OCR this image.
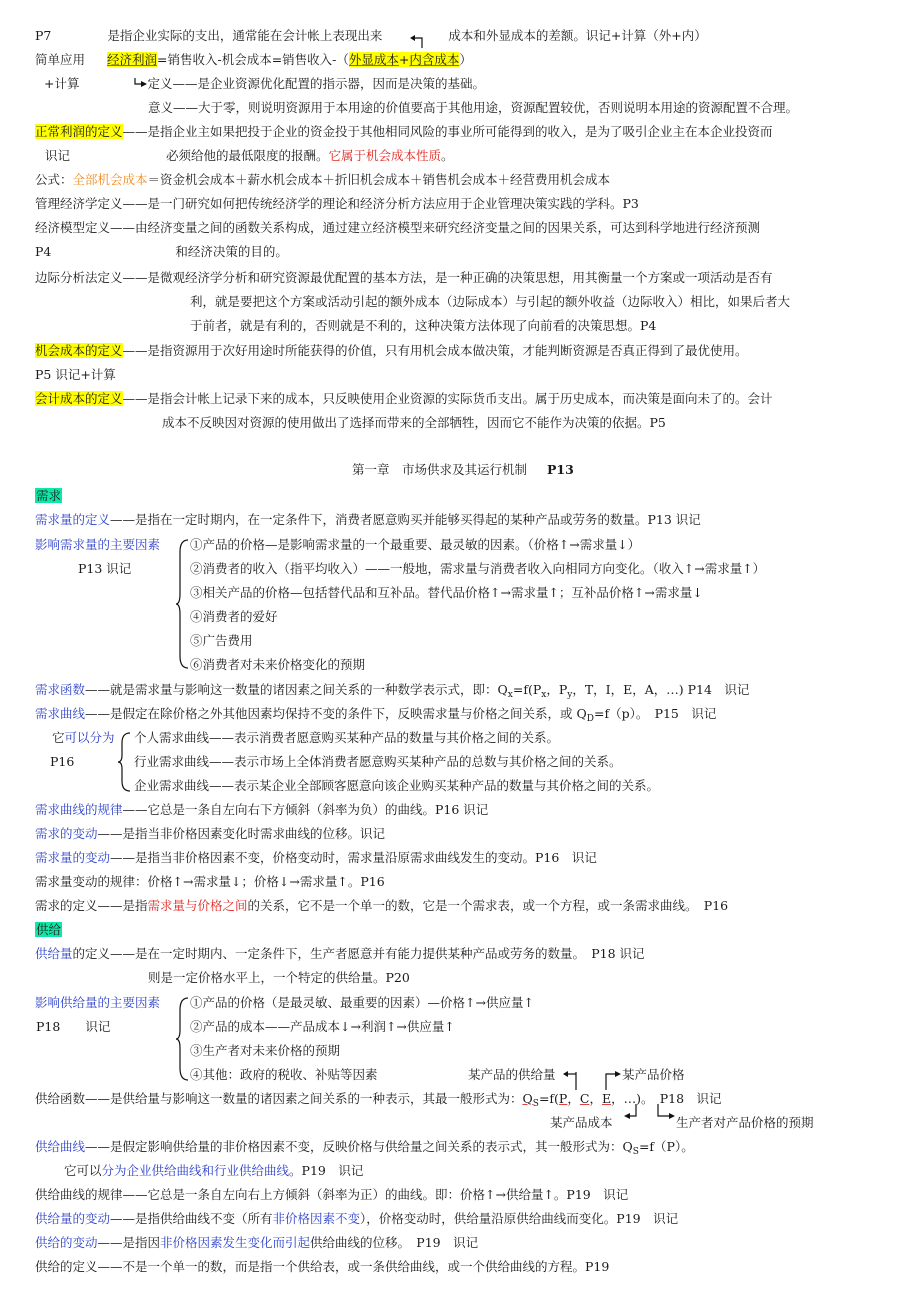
P7	是指企业实际的支出，通常能在会计帐上表现出来	成本和外显成本的差额。识记+计算（外+内）
简单应用 经济利润=销售收入-机会成本=销售收入-（外显成本+内含成本）
+计算	定义——是企业资源优化配置的指示器，因而是决策的基础。
意义——大于零，则说明资源用于本用途的价值要高于其他用途，资源配置较优，否则说明本用途的资源配置不合理。
正常利润的定义——是指企业主如果把投于企业的资金投于其他相同风险的事业所可能得到的收入，是为了吸引企业主在本企业投资而
识记	必须给他的最低限度的报酬。它属于机会成本性质。
公式：全部机会成本＝资金机会成本＋薪水机会成本＋折旧机会成本＋销售机会成本＋经营费用机会成本
管理经济学定义——是一门研究如何把传统经济学的理论和经济分析方法应用于企业管理决策实践的学科。P3
经济模型定义——由经济变量之间的函数关系构成，通过建立经济模型来研究经济变量之间的因果关系，可达到科学地进行经济预测
P4	和经济决策的目的。
边际分析法定义——是微观经济学分析和研究资源最优配置的基本方法，是一种正确的决策思想，用其衡量一个方案或一项活动是否有
利，就是要把这个方案或活动引起的额外成本（边际成本）与引起的额外收益（边际收入）相比，如果后者大
于前者，就是有利的，否则就是不利的，这种决策方法体现了向前看的决策思想。P4
机会成本的定义——是指资源用于次好用途时所能获得的价值，只有用机会成本做决策，才能判断资源是否真正得到了最优使用。
P5 识记+计算
会计成本的定义——是指会计帐上记录下来的成本，只反映使用企业资源的实际货币支出。属于历史成本，而决策是面向未了的。会计
成本不反映因对资源的使用做出了选择而带来的全部牺牲，因而它不能作为决策的依据。P5
第一章　市场供求及其运行机制 P13
需求
需求量的定义——是指在一定时期内，在一定条件下，消费者愿意购买并能够买得起的某种产品或劳务的数量。P13 识记
影响需求量的主要因素
P13 识记
①产品的价格—是影响需求量的一个最重要、最灵敏的因素。（价格↑→需求量↓）
②消费者的收入（指平均收入）——一般地，需求量与消费者收入向相同方向变化。（收入↑→需求量↑）
③相关产品的价格—包括替代品和互补品。替代品价格↑→需求量↑；互补品价格↑→需求量↓
④消费者的爱好
⑤广告费用
⑥消费者对未来价格变化的预期
需求函数——就是需求量与影响这一数量的诸因素之间关系的一种数学表示式，即：$Q_x=f(P_x$，$P_y$，T，I，E，A，…) P14　识记
需求曲线——是假定在除价格之外其他因素均保持不变的条件下，反映需求量与价格之间关系，或 $Q_D=f(p)$。　P15　识记
它可以分为
P16
个人需求曲线——表示消费者愿意购买某种产品的数量与其价格之间的关系。
行业需求曲线——表示市场上全体消费者愿意购买某种产品的总数与其价格之间的关系。
企业需求曲线——表示某企业全部顾客愿意向该企业购买某种产品的数量与其价格之间的关系。
需求曲线的规律——它总是一条自左向右下方倾斜（斜率为负）的曲线。P16 识记
需求的变动——是指当非价格因素变化时需求曲线的位移。识记
需求量的变动——是指当非价格因素不变，价格变动时，需求量沿原需求曲线发生的变动。P16　识记
需求量变动的规律：价格↑→需求量↓；价格↓→需求量↑。P16
需求的定义——是指需求量与价格之间的关系，它不是一个单一的数，它是一个需求表，或一个方程，或一条需求曲线。　P16
供给
供给量的定义——是在一定时期内、一定条件下，生产者愿意并有能力提供某种产品或劳务的数量。　P18 识记
则是一定价格水平上，一个特定的供给量。P20
影响供给量的主要因素
P18　　识记
①产品的价格（是最灵敏、最重要的因素）—价格↑→供应量↑
②产品的成本——产品成本↓→利润↑→供应量↑
③生产者对未来价格的预期
④其他：政府的税收、补贴等因素	某产品的供给量	某产品价格
供给函数——是供给量与影响这一数量的诸因素之间关系的一种表示，其最一般形式为：$Q_S=f(P$，C，E，…)。　P18　识记
某产品成本	生产者对产品价格的预期
供给曲线——是假定影响供给量的非价格因素不变，反映价格与供给量之间关系的表示式，其一般形式为：$Q_S=f(P)$。
它可以分为企业供给曲线和行业供给曲线。P19　识记
供给曲线的规律——它总是一条自左向右上方倾斜（斜率为正）的曲线。即：价格↑→供给量↑。P19　识记
供给量的变动——是指供给曲线不变（所有非价格因素不变），价格变动时，供给量沿原供给曲线而变化。P19　识记
供给的变动——是指因非价格因素发生变化而引起供给曲线的位移。　P19　识记
供给的定义——不是一个单一的数，而是指一个供给表，或一条供给曲线，或一个供给曲线的方程。P19
